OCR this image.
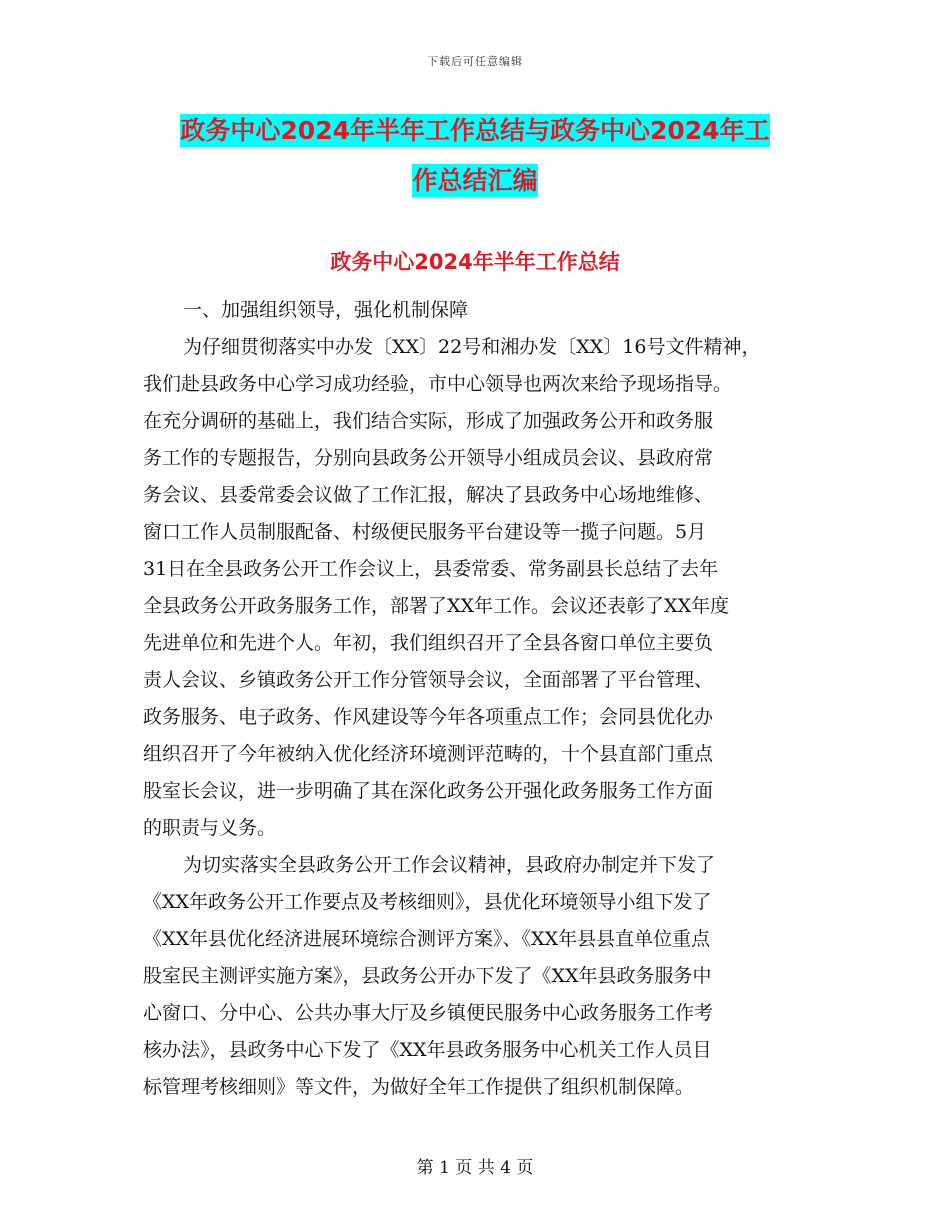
下载后可任意编辑
政务中心2024年半年工作总结与政务中心2024年工
作总结汇编
政务中心2024年半年工作总结
一、加强组织领导，强化机制保障
为仔细贯彻落实中办发〔XX〕22号和湘办发〔XX〕16号文件精神，
我们赴县政务中心学习成功经验，市中心领导也两次来给予现场指导。
在充分调研的基础上，我们结合实际，形成了加强政务公开和政务服
务工作的专题报告，分别向县政务公开领导小组成员会议、县政府常
务会议、县委常委会议做了工作汇报，解决了县政务中心场地维修、
窗口工作人员制服配备、村级便民服务平台建设等一揽子问题。5月
31日在全县政务公开工作会议上，县委常委、常务副县长总结了去年
全县政务公开政务服务工作，部署了XX年工作。会议还表彰了XX年度
先进单位和先进个人。年初，我们组织召开了全县各窗口单位主要负
责人会议、乡镇政务公开工作分管领导会议，全面部署了平台管理、
政务服务、电子政务、作风建设等今年各项重点工作；会同县优化办
组织召开了今年被纳入优化经济环境测评范畴的，十个县直部门重点
股室长会议，进一步明确了其在深化政务公开强化政务服务工作方面
的职责与义务。
为切实落实全县政务公开工作会议精神，县政府办制定并下发了
《XX年政务公开工作要点及考核细则》，县优化环境领导小组下发了
《XX年县优化经济进展环境综合测评方案》、《XX年县县直单位重点
股室民主测评实施方案》，县政务公开办下发了《XX年县政务服务中
心窗口、分中心、公共办事大厅及乡镇便民服务中心政务服务工作考
核办法》，县政务中心下发了《XX年县政务服务中心机关工作人员目
标管理考核细则》等文件，为做好全年工作提供了组织机制保障。
第 1 页 共 4 页
